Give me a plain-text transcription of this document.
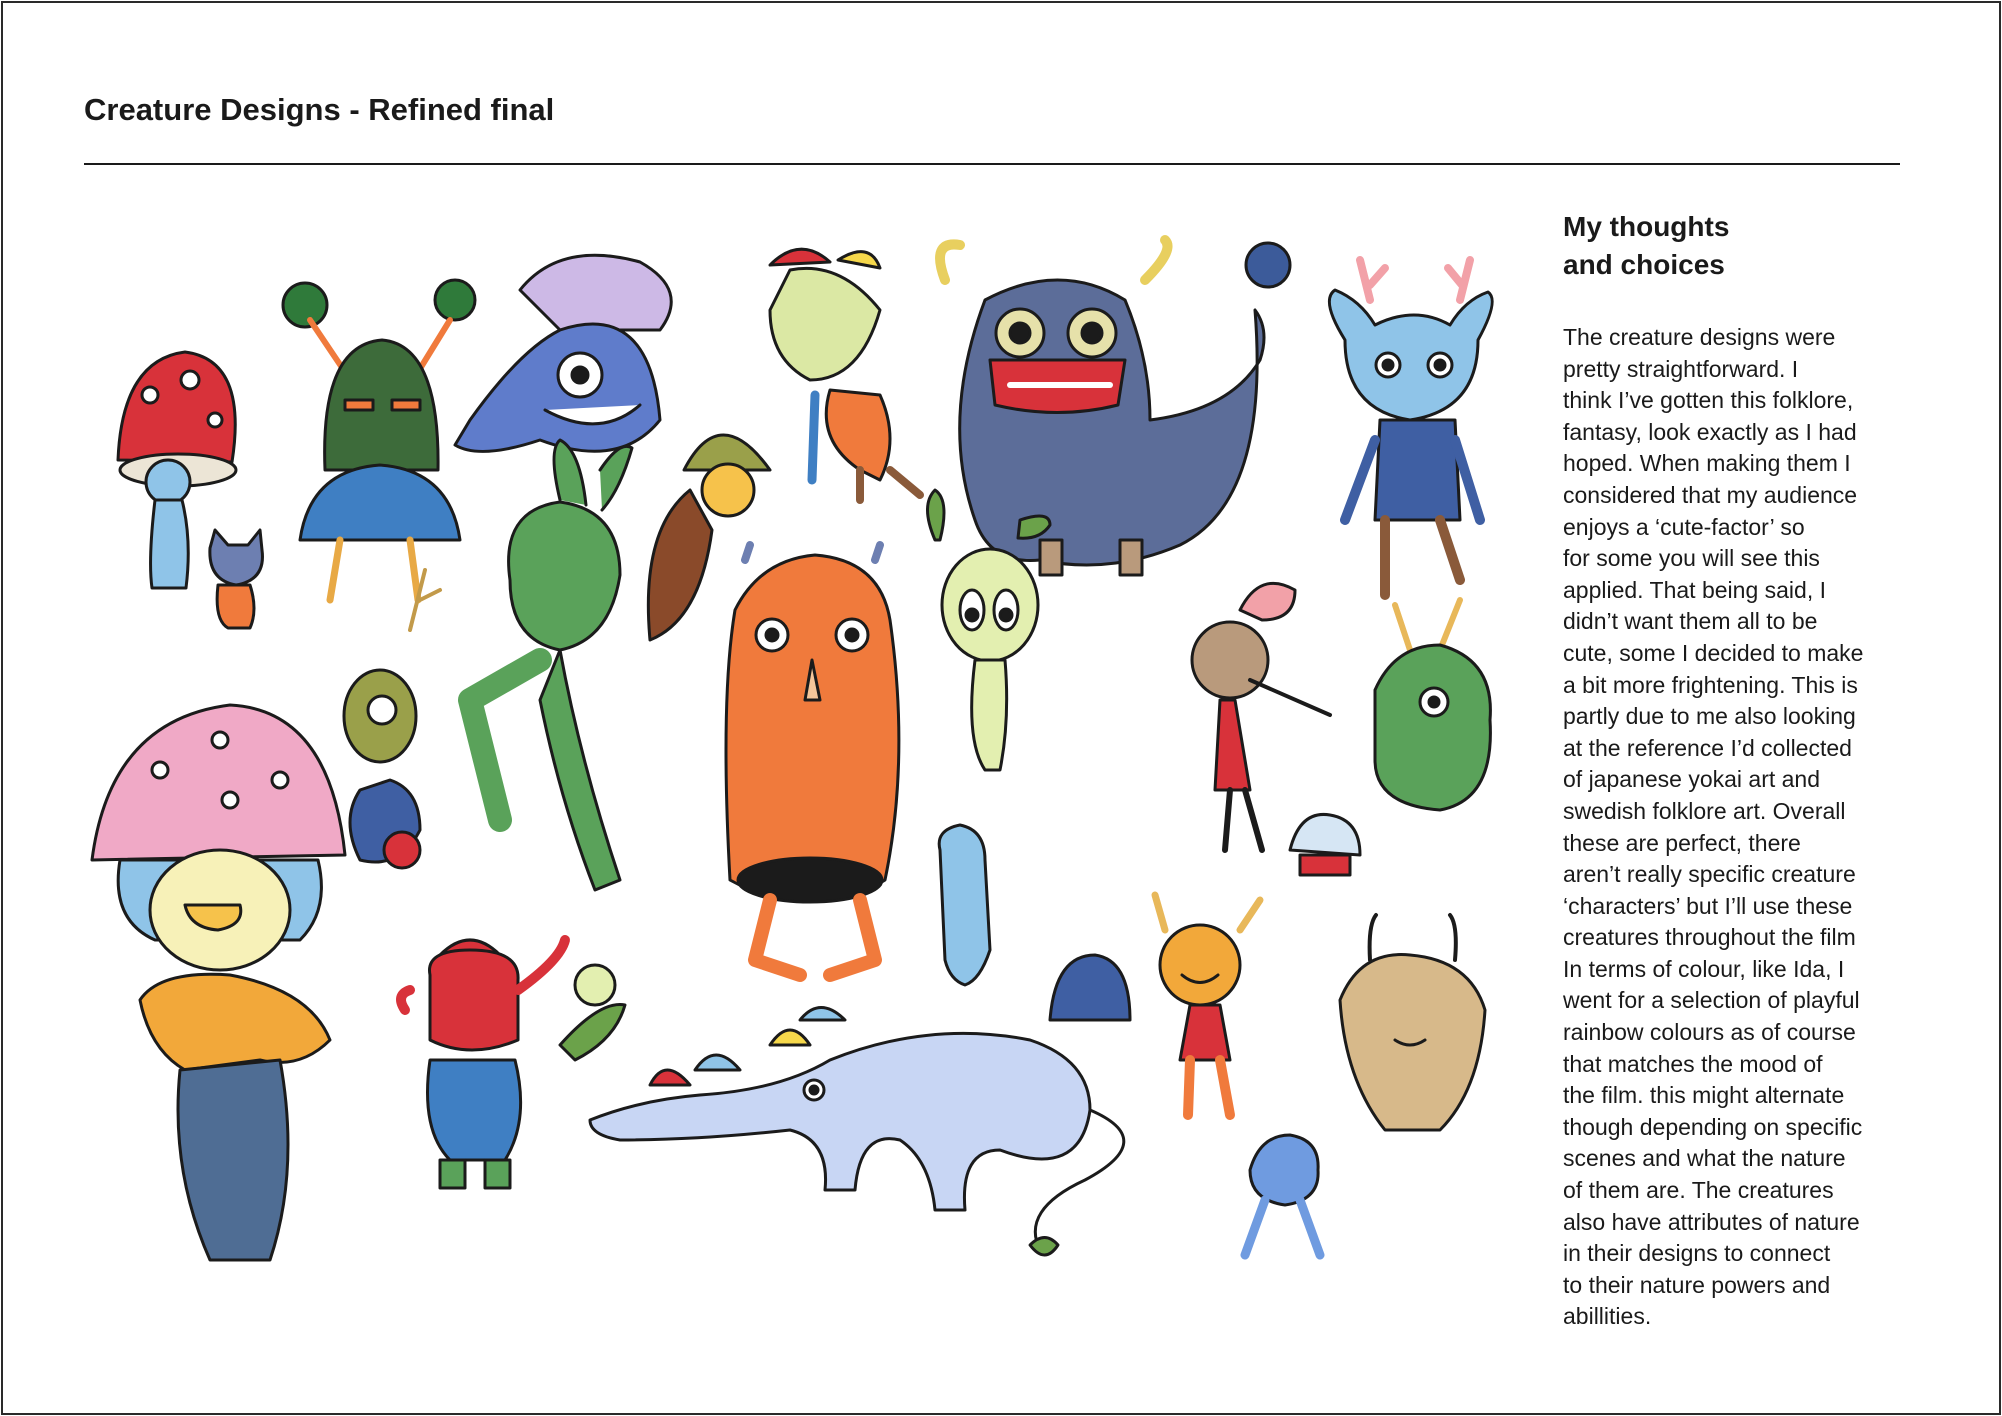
Creature Designs - Refined final
My thoughts
and choices
The creature designs were
pretty straightforward. I
think I’ve gotten this folklore,
fantasy, look exactly as I had
hoped. When making them I
considered that my audience
enjoys a ‘cute-factor’ so
for some you will see this
applied. That being said, I
didn’t want them all to be
cute, some I decided to make
a bit more frightening. This is
partly due to me also looking
at the reference I’d collected
of japanese yokai art and
swedish folklore art. Overall
these are perfect, there
aren’t really specific creature
‘characters’ but I’ll use these
creatures throughout the film
In terms of colour, like Ida, I
went for a selection of playful
rainbow colours as of course
that matches the mood of
the film. this might alternate
though depending on specific
scenes and what the nature
of them are. The creatures
also have attributes of nature
in their designs to connect
to their nature powers and
abillities.
